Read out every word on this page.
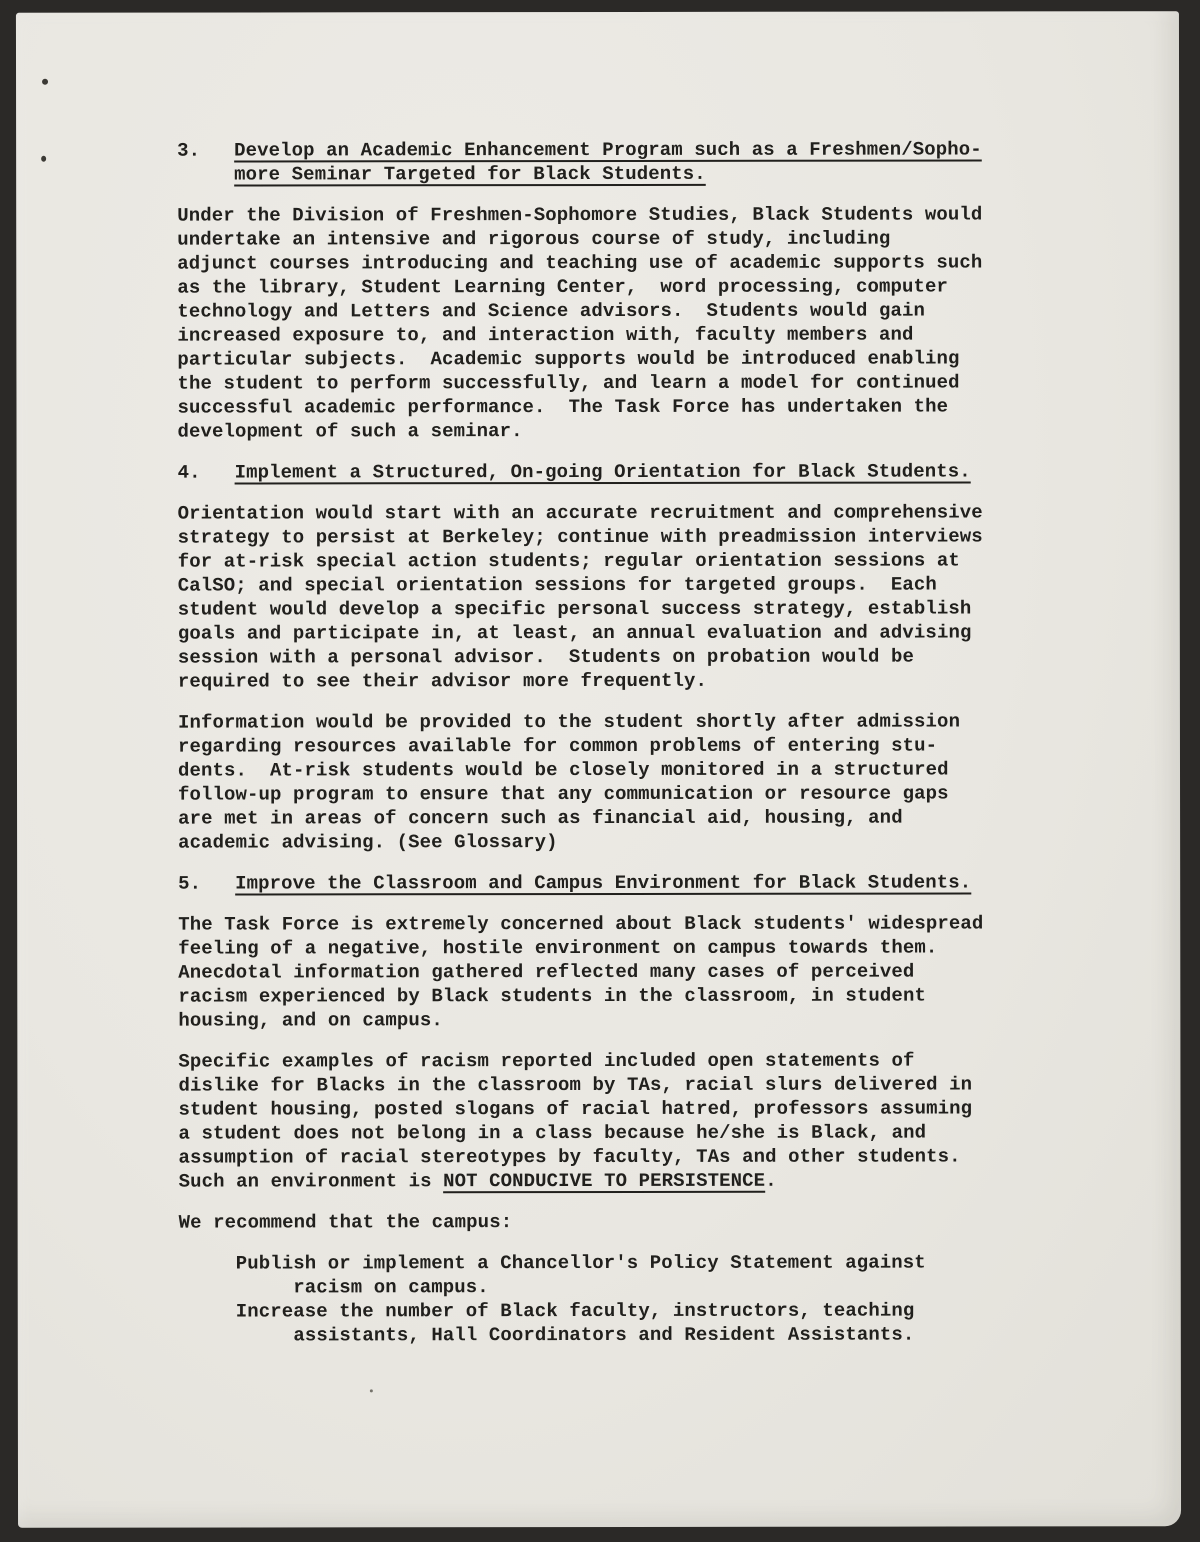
3.	Develop an Academic Enhancement Program such as a Freshmen/Sopho-
more Seminar Targeted for Black Students.

Under the Division of Freshmen-Sophomore Studies, Black Students would
undertake an intensive and rigorous course of study, including
adjunct courses introducing and teaching use of academic supports such
as the library, Student Learning Center,  word processing, computer
technology and Letters and Science advisors.  Students would gain
increased exposure to, and interaction with, faculty members and
particular subjects.  Academic supports would be introduced enabling
the student to perform successfully, and learn a model for continued
successful academic performance.  The Task Force has undertaken the
development of such a seminar.

4.	Implement a Structured, On-going Orientation for Black Students.

Orientation would start with an accurate recruitment and comprehensive
strategy to persist at Berkeley; continue with preadmission interviews
for at-risk special action students; regular orientation sessions at
CalSO; and special orientation sessions for targeted groups.  Each
student would develop a specific personal success strategy, establish
goals and participate in, at least, an annual evaluation and advising
session with a personal advisor.  Students on probation would be
required to see their advisor more frequently.

Information would be provided to the student shortly after admission
regarding resources available for common problems of entering stu-
dents.  At-risk students would be closely monitored in a structured
follow-up program to ensure that any communication or resource gaps
are met in areas of concern such as financial aid, housing, and
academic advising. (See Glossary)

5.	Improve the Classroom and Campus Environment for Black Students.

The Task Force is extremely concerned about Black students' widespread
feeling of a negative, hostile environment on campus towards them.
Anecdotal information gathered reflected many cases of perceived
racism experienced by Black students in the classroom, in student
housing, and on campus.

Specific examples of racism reported included open statements of
dislike for Blacks in the classroom by TAs, racial slurs delivered in
student housing, posted slogans of racial hatred, professors assuming
a student does not belong in a class because he/she is Black, and
assumption of racial stereotypes by faculty, TAs and other students.
Such an environment is NOT CONDUCIVE TO PERSISTENCE.

We recommend that the campus:

Publish or implement a Chancellor's Policy Statement against
racism on campus.

Increase the number of Black faculty, instructors, teaching
assistants, Hall Coordinators and Resident Assistants.
